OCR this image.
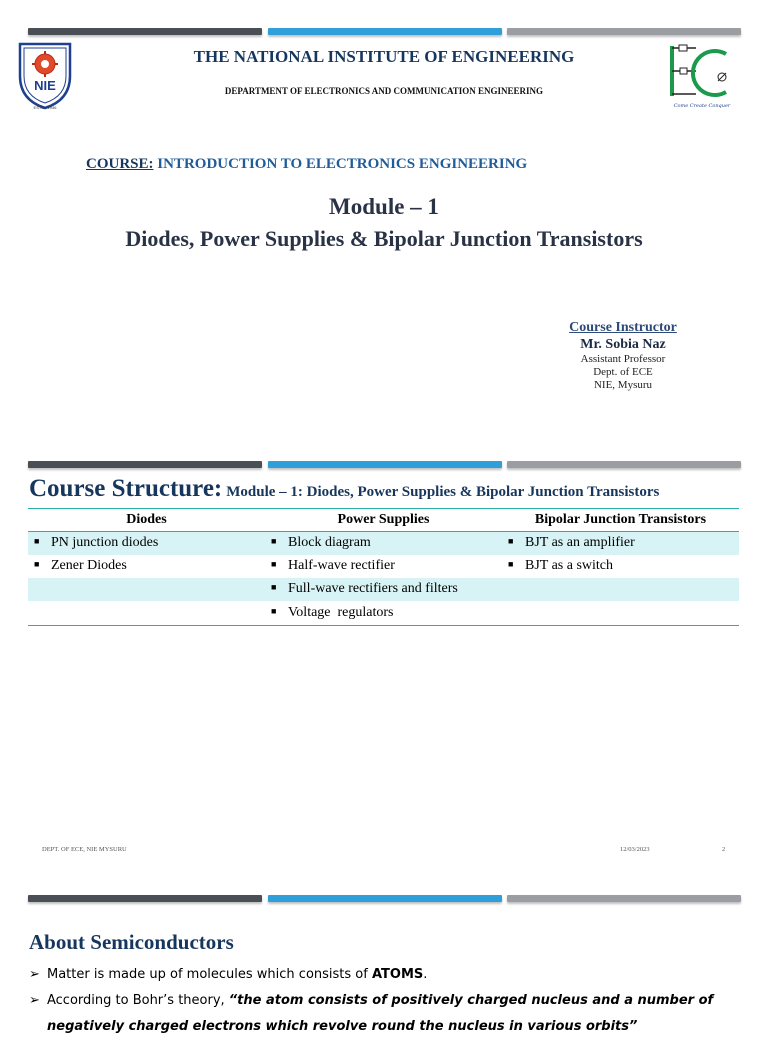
NIE
ESTD : 1946
THE NATIONAL INSTITUTE OF ENGINEERING
DEPARTMENT OF ELECTRONICS AND COMMUNICATION ENGINEERING
Come Create Conquer
COURSE: INTRODUCTION TO ELECTRONICS ENGINEERING
Module – 1
Diodes, Power Supplies & Bipolar Junction Transistors
Course Instructor
Mr. Sobia Naz
Assistant Professor
Dept. of ECE
NIE, Mysuru
Course Structure: Module – 1: Diodes, Power Supplies & Bipolar Junction Transistors
Diodes	Power Supplies	Bipolar Junction Transistors
■ PN junction diodes	■ Block diagram	■ BJT as an amplifier
■ Zener Diodes	■ Half-wave rectifier	■ BJT as a switch
	■ Full-wave rectifiers and filters	
	■ Voltage  regulators	
DEPT. OF ECE, NIE MYSURU	12/03/2023	2
About Semiconductors
➢ Matter is made up of molecules which consists of ATOMS.
➢ According to Bohr’s theory, “the atom consists of positively charged nucleus and a number of negatively charged electrons which revolve round the nucleus in various orbits”
